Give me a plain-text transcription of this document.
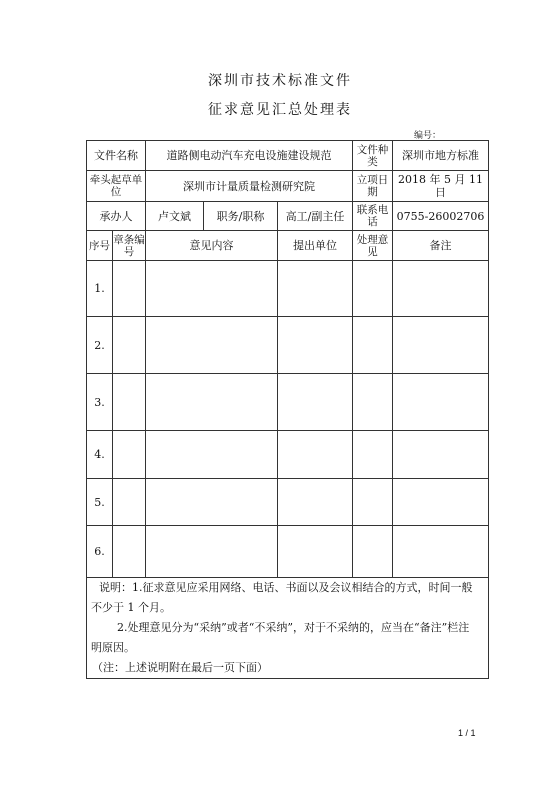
深圳市技术标准文件
征求意见汇总处理表
编号：
文件名称		道路侧电动汽车充电设施建设规范			文件种类	深圳市地方标准
牵头起草单位		深圳市计量质量检测研究院			立项日期	2018 年 5 月 11 日
承办人		卢文斌	职务/职称	高工/副主任	联系电话	0755-26002706
序号	章条编号	意见内容		提出单位	处理意见	备注
1.						
2.						
3.						
4.						
5.						
6.						

说明：1.征求意见应采用网络、电话、书面以及会议相结合的方式，时间一般

不少于 1 个月。

2.处理意见分为“采纳”或者“不采纳”，对于不采纳的，应当在“备注”栏注

明原因。

（注：上述说明附在最后一页下面）						

1 / 1
